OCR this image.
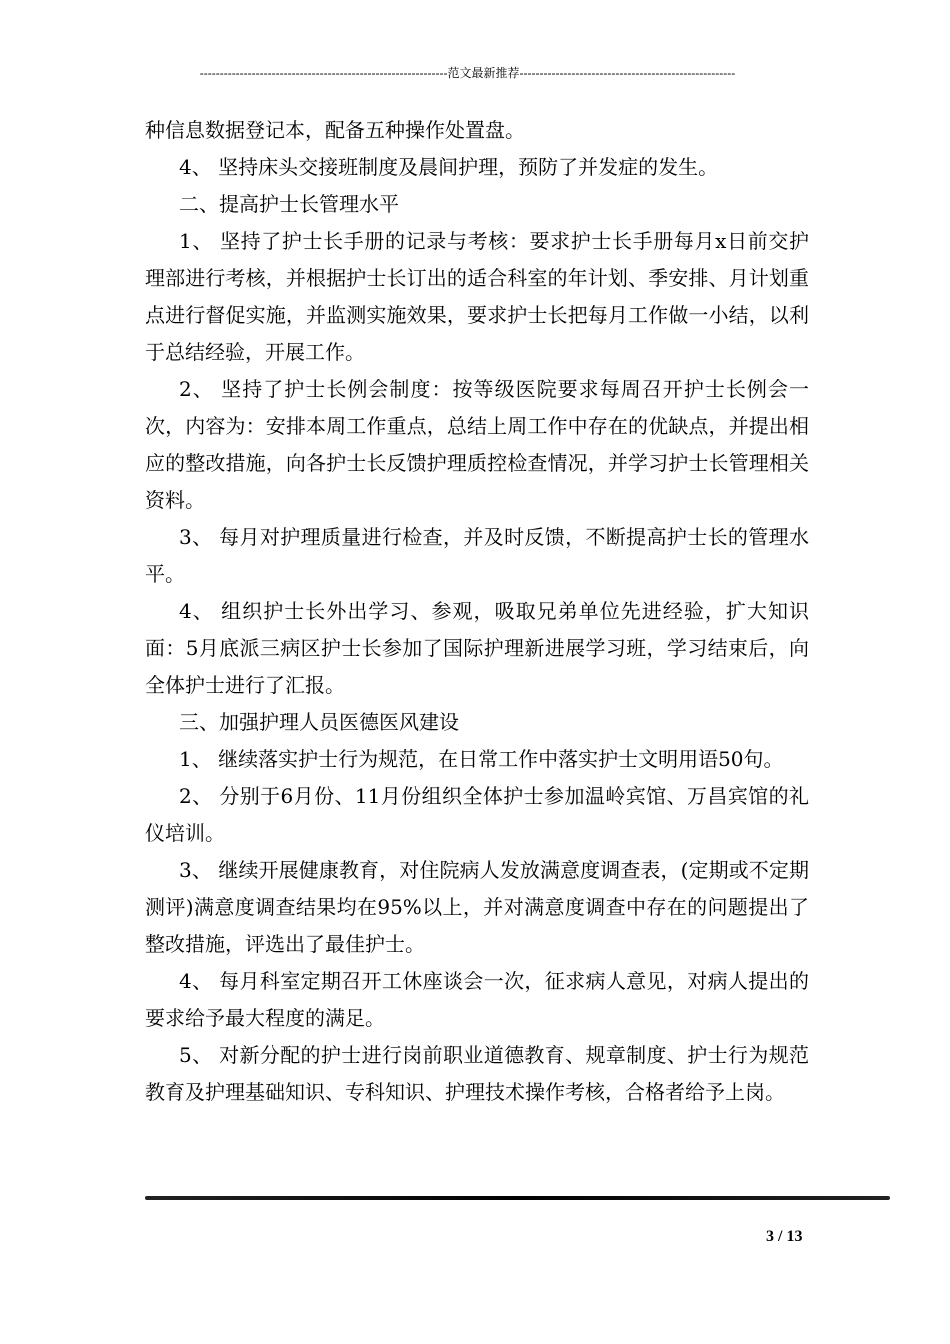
--------------------------------------------------------------范文最新推荐------------------------------------------------------

种信息数据登记本，配备五种操作处置盘。

4、 坚持床头交接班制度及晨间护理，预防了并发症的发生。

二、提高护士长管理水平

1、 坚持了护士长手册的记录与考核：要求护士长手册每月x日前交护理部进行考核，并根据护士长订出的适合科室的年计划、季安排、月计划重点进行督促实施，并监测实施效果，要求护士长把每月工作做一小结，以利于总结经验，开展工作。

2、 坚持了护士长例会制度：按等级医院要求每周召开护士长例会一次，内容为：安排本周工作重点，总结上周工作中存在的优缺点，并提出相应的整改措施，向各护士长反馈护理质控检查情况，并学习护士长管理相关资料。

3、 每月对护理质量进行检查，并及时反馈，不断提高护士长的管理水平。

4、 组织护士长外出学习、参观，吸取兄弟单位先进经验，扩大知识面：5月底派三病区护士长参加了国际护理新进展学习班，学习结束后，向全体护士进行了汇报。

三、加强护理人员医德医风建设

1、 继续落实护士行为规范，在日常工作中落实护士文明用语50句。

2、 分别于6月份、11月份组织全体护士参加温岭宾馆、万昌宾馆的礼仪培训。

3、 继续开展健康教育，对住院病人发放满意度调查表，(定期或不定期测评)满意度调查结果均在95%以上，并对满意度调查中存在的问题提出了整改措施，评选出了最佳护士。

4、 每月科室定期召开工休座谈会一次，征求病人意见，对病人提出的要求给予最大程度的满足。

5、 对新分配的护士进行岗前职业道德教育、规章制度、护士行为规范教育及护理基础知识、专科知识、护理技术操作考核，合格者给予上岗。

3 / 13
